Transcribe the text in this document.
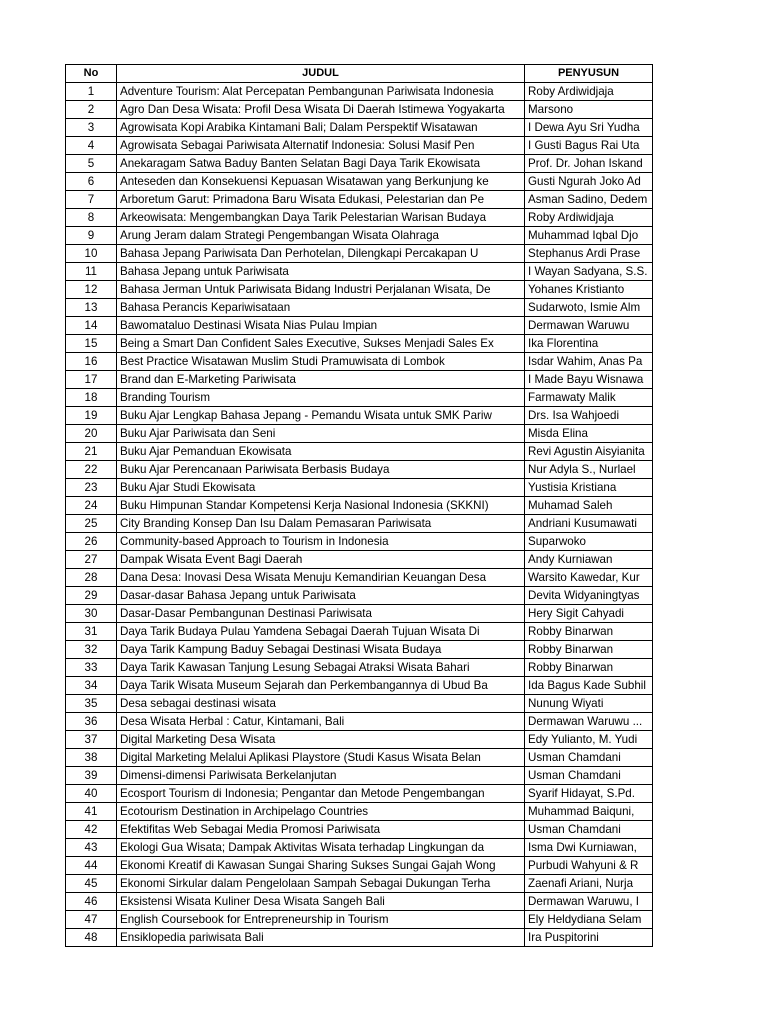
No	JUDUL	PENYUSUN
1	Adventure Tourism: Alat Percepatan Pembangunan Pariwisata Indonesia	Roby Ardiwidjaja
2	Agro Dan Desa Wisata: Profil Desa Wisata Di Daerah Istimewa Yogyakarta	Marsono
3	Agrowisata Kopi Arabika Kintamani Bali; Dalam Perspektif Wisatawan	I Dewa Ayu Sri Yudha
4	Agrowisata Sebagai Pariwisata Alternatif Indonesia: Solusi Masif Pen	I Gusti Bagus Rai Uta
5	Anekaragam Satwa Baduy Banten Selatan Bagi Daya Tarik Ekowisata	Prof. Dr. Johan Iskand
6	Anteseden dan Konsekuensi Kepuasan Wisatawan yang Berkunjung ke	Gusti Ngurah Joko Ad
7	Arboretum Garut: Primadona Baru Wisata Edukasi, Pelestarian dan Pe	Asman Sadino, Dedem
8	Arkeowisata: Mengembangkan Daya Tarik Pelestarian Warisan Budaya	Roby Ardiwidjaja
9	Arung Jeram dalam Strategi Pengembangan Wisata Olahraga	Muhammad Iqbal Djo
10	Bahasa Jepang Pariwisata Dan Perhotelan, Dilengkapi Percakapan U	Stephanus Ardi Prase
11	Bahasa Jepang untuk Pariwisata	I Wayan Sadyana, S.S.
12	Bahasa Jerman Untuk Pariwisata Bidang Industri Perjalanan Wisata, De	Yohanes Kristianto
13	Bahasa Perancis Kepariwisataan	Sudarwoto, Ismie Alm
14	Bawomataluo Destinasi Wisata Nias Pulau Impian	Dermawan Waruwu
15	Being a Smart Dan Confident Sales Executive, Sukses Menjadi Sales Ex	Ika Florentina
16	Best Practice Wisatawan Muslim Studi Pramuwisata di Lombok	Isdar Wahim, Anas Pa
17	Brand dan E-Marketing Pariwisata	I Made Bayu Wisnawa
18	Branding Tourism	Farmawaty Malik
19	Buku Ajar Lengkap Bahasa Jepang - Pemandu Wisata untuk SMK Pariw	Drs. Isa Wahjoedi
20	Buku Ajar Pariwisata dan Seni	Misda Elina
21	Buku Ajar Pemanduan Ekowisata	Revi Agustin Aisyianita
22	Buku Ajar Perencanaan Pariwisata Berbasis Budaya	Nur Adyla S., Nurlael
23	Buku Ajar Studi Ekowisata	Yustisia Kristiana
24	Buku Himpunan Standar Kompetensi Kerja Nasional Indonesia (SKKNI)	Muhamad Saleh
25	City Branding Konsep Dan Isu Dalam Pemasaran Pariwisata	Andriani Kusumawati
26	Community-based Approach to Tourism in Indonesia	Suparwoko
27	Dampak Wisata Event Bagi Daerah	Andy Kurniawan
28	Dana Desa: Inovasi Desa Wisata Menuju Kemandirian Keuangan Desa	Warsito Kawedar, Kur
29	Dasar-dasar Bahasa Jepang untuk Pariwisata	Devita Widyaningtyas
30	Dasar-Dasar Pembangunan Destinasi Pariwisata	Hery Sigit Cahyadi
31	Daya Tarik Budaya Pulau Yamdena Sebagai Daerah Tujuan Wisata Di	Robby Binarwan
32	Daya Tarik Kampung Baduy Sebagai Destinasi Wisata Budaya	Robby Binarwan
33	Daya Tarik Kawasan Tanjung Lesung Sebagai Atraksi Wisata Bahari	Robby Binarwan
34	Daya Tarik Wisata Museum Sejarah dan Perkembangannya di Ubud Ba	Ida Bagus Kade Subhil
35	Desa sebagai destinasi wisata	Nunung Wiyati
36	Desa Wisata Herbal : Catur, Kintamani, Bali	Dermawan Waruwu ...
37	Digital Marketing Desa Wisata	Edy Yulianto, M. Yudi
38	Digital Marketing Melalui Aplikasi Playstore (Studi Kasus Wisata Belan	Usman Chamdani
39	Dimensi-dimensi Pariwisata Berkelanjutan	Usman Chamdani
40	Ecosport Tourism di Indonesia; Pengantar dan Metode Pengembangan	Syarif Hidayat, S.Pd.
41	Ecotourism Destination in Archipelago Countries	Muhammad Baiquni,
42	Efektifitas Web Sebagai Media Promosi Pariwisata	Usman Chamdani
43	Ekologi Gua Wisata; Dampak Aktivitas Wisata terhadap Lingkungan da	Isma Dwi Kurniawan,
44	Ekonomi Kreatif di Kawasan Sungai Sharing Sukses Sungai Gajah Wong	Purbudi Wahyuni & R
45	Ekonomi Sirkular dalam Pengelolaan Sampah Sebagai Dukungan Terha	Zaenafi Ariani, Nurja
46	Eksistensi Wisata Kuliner Desa Wisata Sangeh Bali	Dermawan Waruwu, I
47	English Coursebook for Entrepreneurship in Tourism	Ely Heldydiana Selam
48	Ensiklopedia pariwisata Bali	Ira Puspitorini
